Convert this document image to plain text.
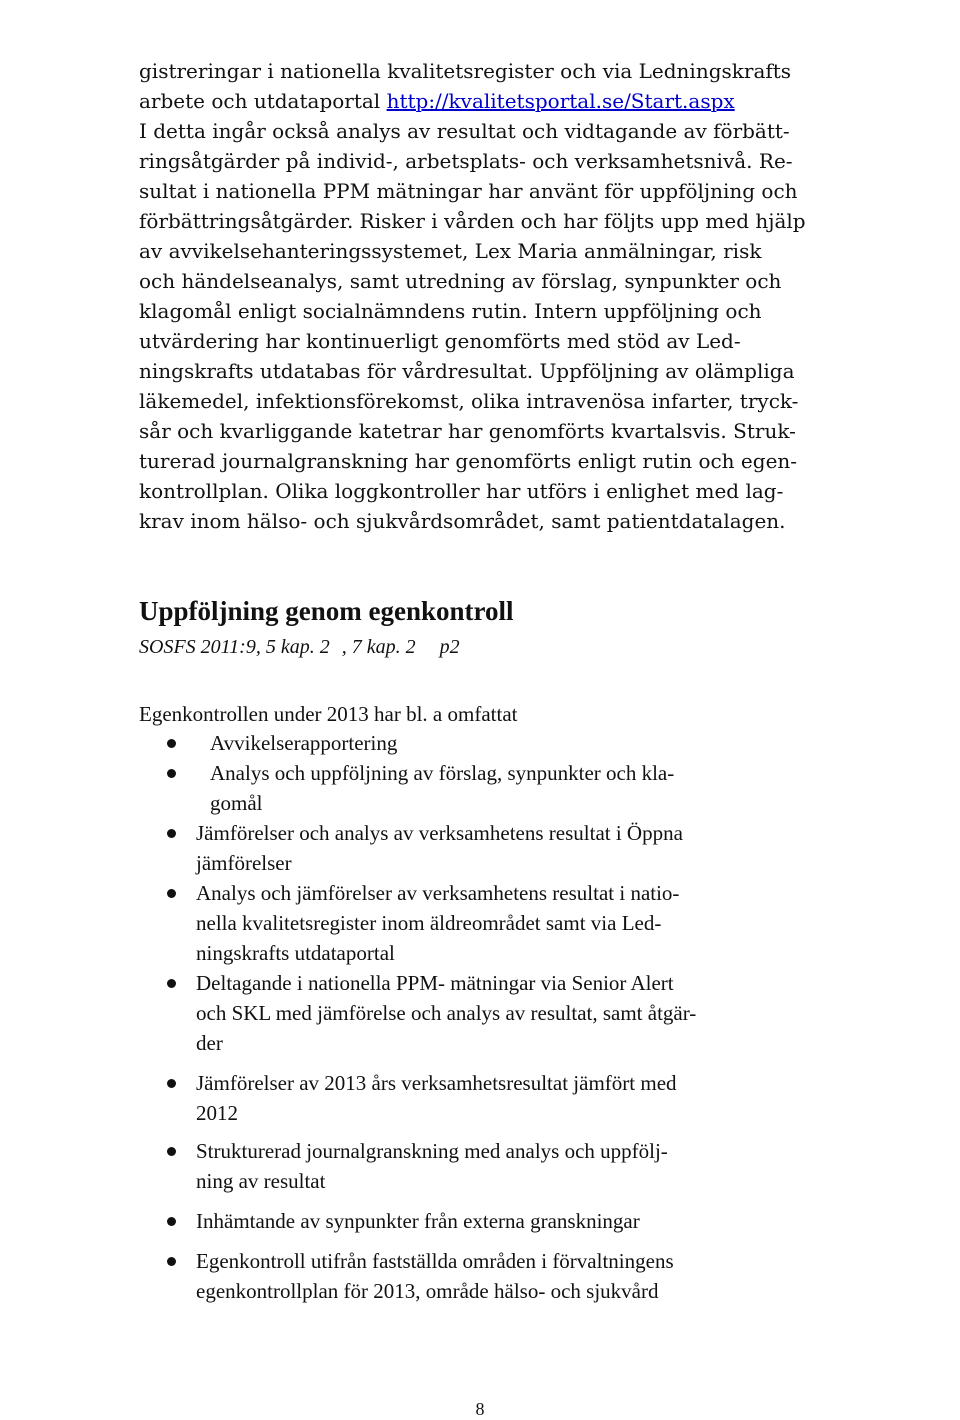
gistreringar i nationella kvalitetsregister och via Ledningskrafts
arbete och utdataportal http://kvalitetsportal.se/Start.aspx
I detta ingår också analys av resultat och vidtagande av förbätt-
ringsåtgärder på individ-, arbetsplats- och verksamhetsnivå. Re-
sultat i nationella PPM mätningar har använt för uppföljning och
förbättringsåtgärder. Risker i vården och har följts upp med hjälp
av avvikelsehanteringssystemet, Lex Maria anmälningar, risk
och händelseanalys, samt utredning av förslag, synpunkter och
klagomål enligt socialnämndens rutin. Intern uppföljning och
utvärdering har kontinuerligt genomförts med stöd av Led-
ningskrafts utdatabas för vårdresultat. Uppföljning av olämpliga
läkemedel, infektionsförekomst, olika intravenösa infarter, tryck-
sår och kvarliggande katetrar har genomförts kvartalsvis. Struk-
turerad journalgranskning har genomförts enligt rutin och egen-
kontrollplan. Olika loggkontroller har utförs i enlighet med lag-
krav inom hälso- och sjukvårdsområdet, samt patientdatalagen.

Uppföljning genom egenkontroll

SOSFS 2011:9, 5 kap. 2 , 7 kap. 2 p2

Egenkontrollen under 2013 har bl. a omfattat

Avvikelserapportering
Analys och uppföljning av förslag, synpunkter och kla-
gomål
Jämförelser och analys av verksamhetens resultat i Öppna
jämförelser
Analys och jämförelser av verksamhetens resultat i natio-
nella kvalitetsregister inom äldreområdet samt via Led-
ningskrafts utdataportal
Deltagande i nationella PPM- mätningar via Senior Alert
och SKL med jämförelse och analys av resultat, samt åtgär-
der
Jämförelser av 2013 års verksamhetsresultat jämfört med
2012
Strukturerad journalgranskning med analys och uppfölj-
ning av resultat
Inhämtande av synpunkter från externa granskningar
Egenkontroll utifrån fastställda områden i förvaltningens
egenkontrollplan för 2013, område hälso- och sjukvård
8
